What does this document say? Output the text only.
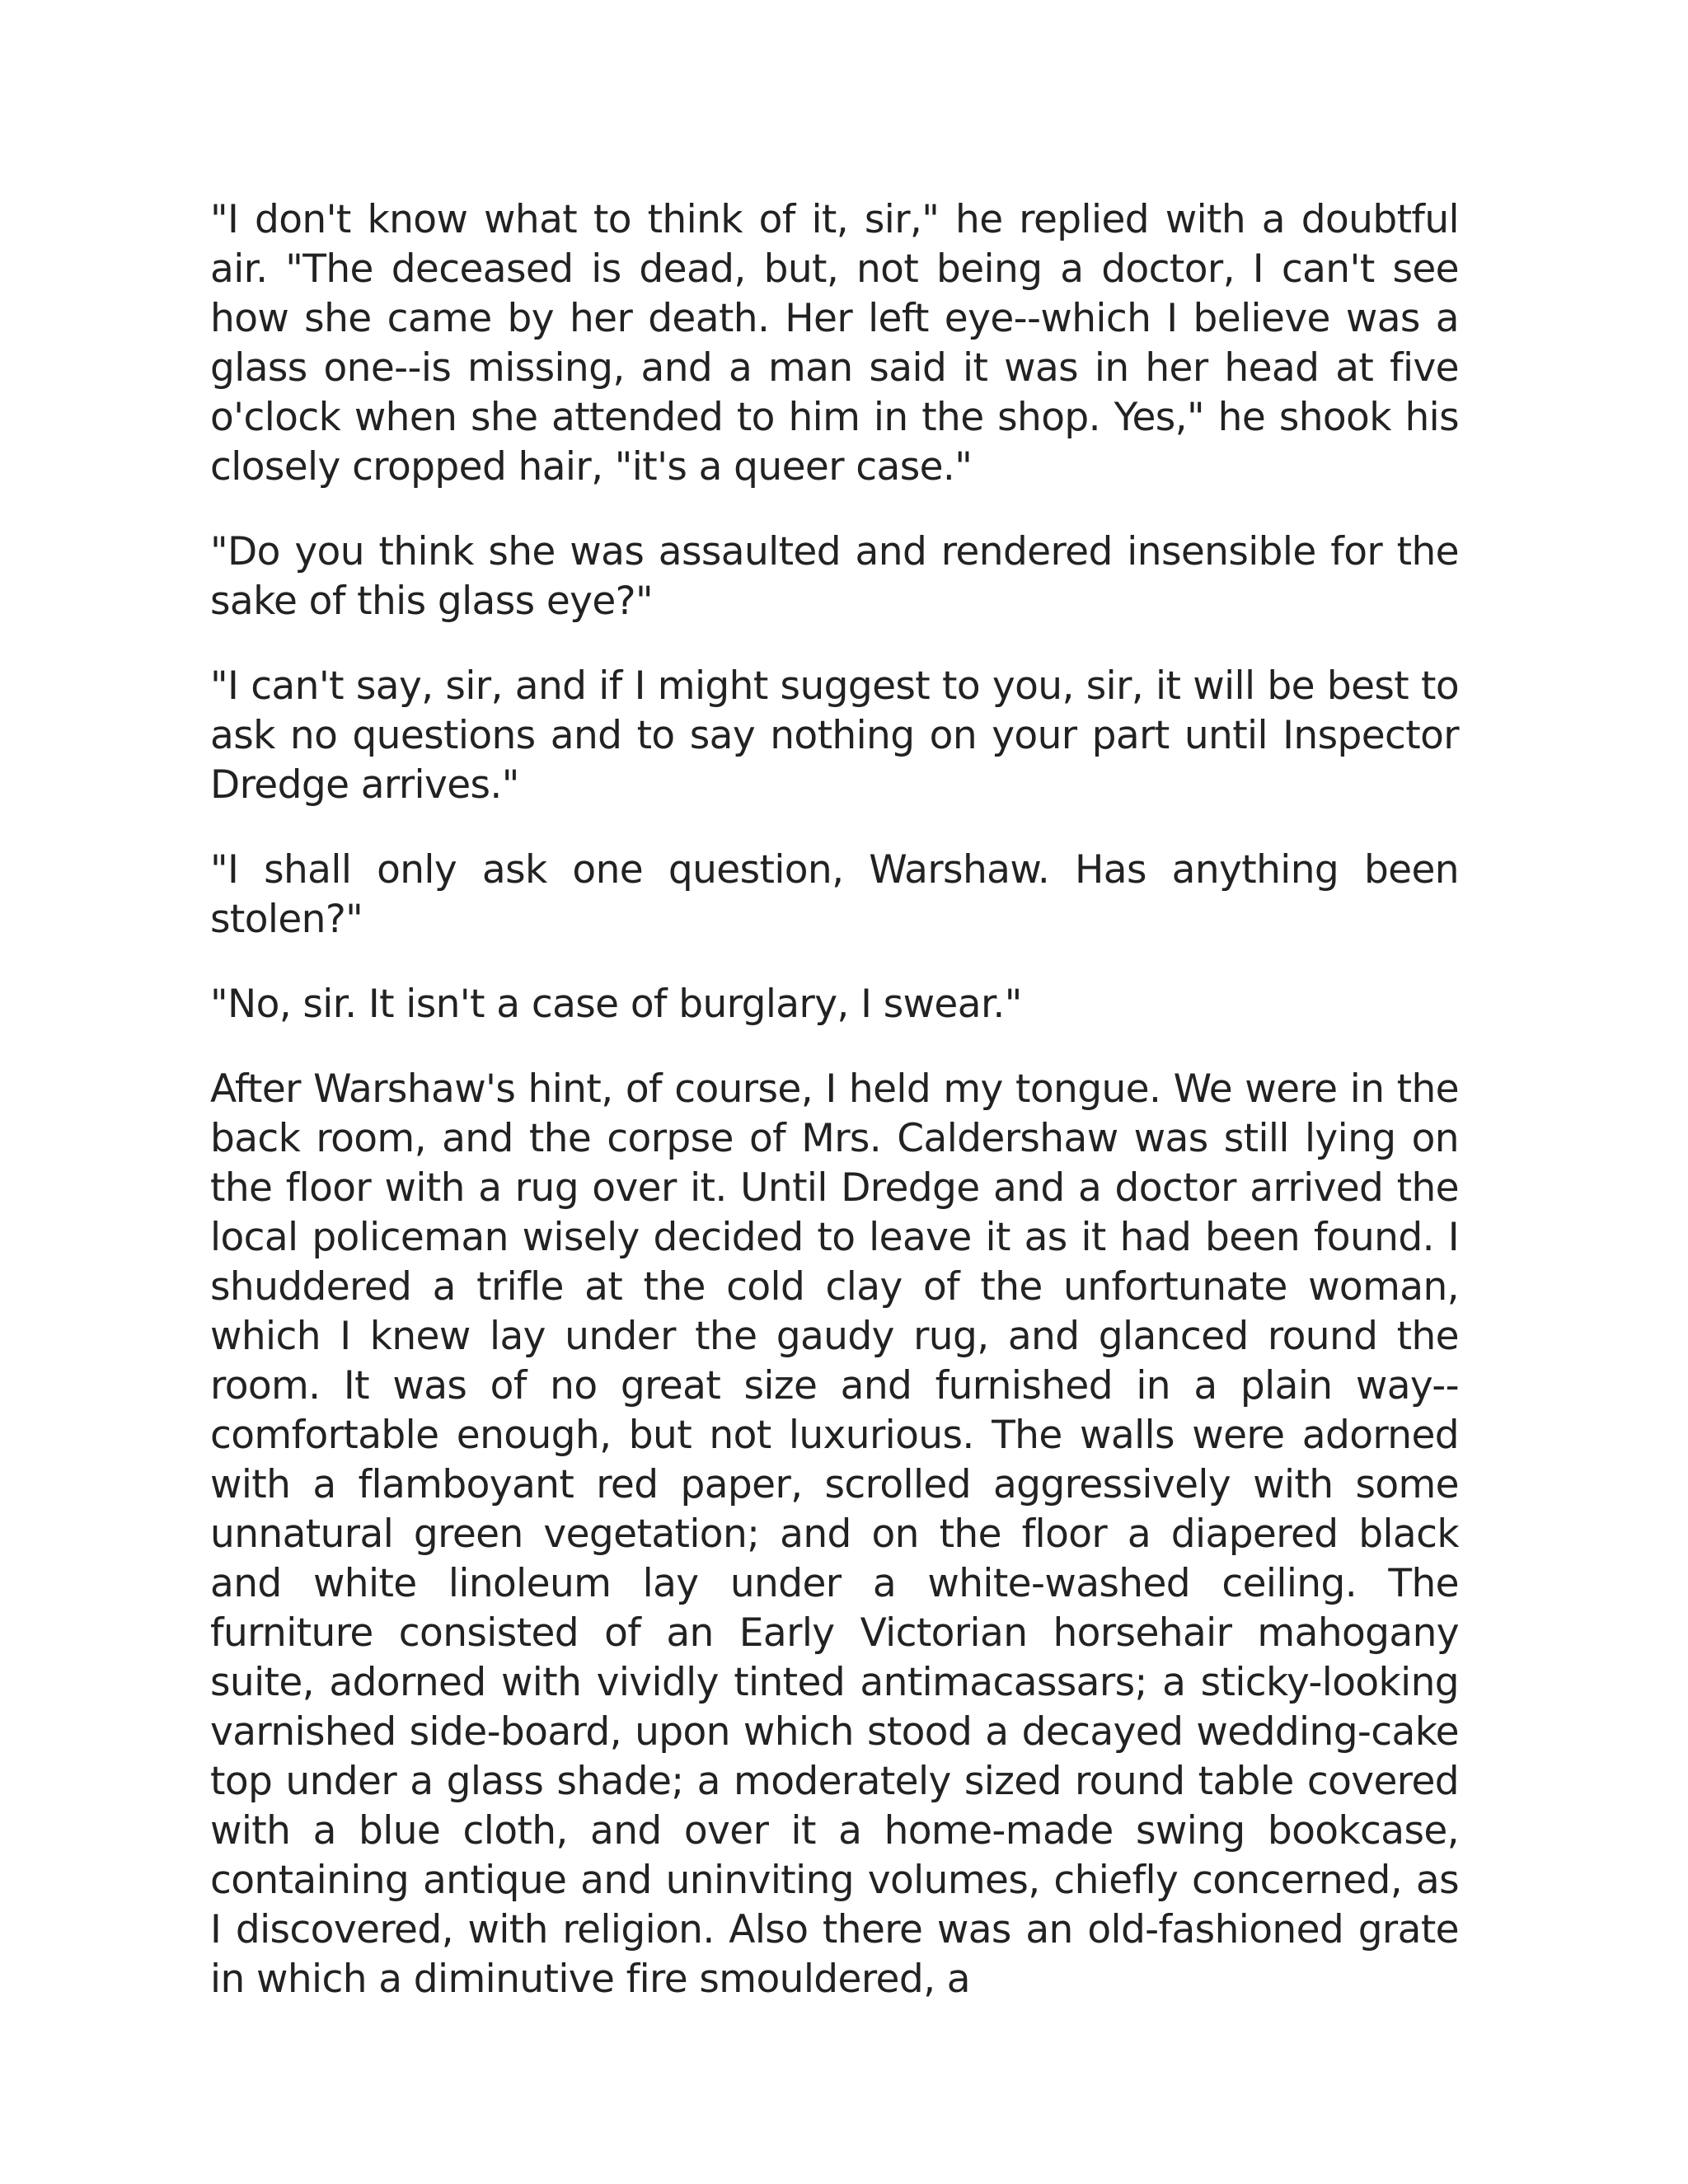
"I don't know what to think of it, sir," he replied with a doubtful air. "The deceased is dead, but, not being a doctor, I can't see how she came by her death. Her left eye--which I believe was a glass one--is missing, and a man said it was in her head at five o'clock when she attended to him in the shop. Yes," he shook his closely cropped hair, "it's a queer case."

"Do you think she was assaulted and rendered insensible for the sake of this glass eye?"

"I can't say, sir, and if I might suggest to you, sir, it will be best to ask no questions and to say nothing on your part until Inspector Dredge arrives."

"I shall only ask one question, Warshaw. Has anything been stolen?"

"No, sir. It isn't a case of burglary, I swear."

After Warshaw's hint, of course, I held my tongue. We were in the back room, and the corpse of Mrs. Caldershaw was still lying on the floor with a rug over it. Until Dredge and a doctor arrived the local policeman wisely decided to leave it as it had been found. I shuddered a trifle at the cold clay of the unfortunate woman, which I knew lay under the gaudy rug, and glanced round the room. It was of no great size and furnished in a plain way--comfortable enough, but not luxurious. The walls were adorned with a flamboyant red paper, scrolled aggressively with some unnatural green vegetation; and on the floor a diapered black and white linoleum lay under a white-washed ceiling. The furniture consisted of an Early Victorian horsehair mahogany suite, adorned with vividly tinted antimacassars; a sticky-looking varnished side-board, upon which stood a decayed wedding-cake top under a glass shade; a moderately sized round table covered with a blue cloth, and over it a home-made swing bookcase, containing antique and uninviting volumes, chiefly concerned, as I discovered, with religion. Also there was an old-fashioned grate in which a diminutive fire smouldered, a
